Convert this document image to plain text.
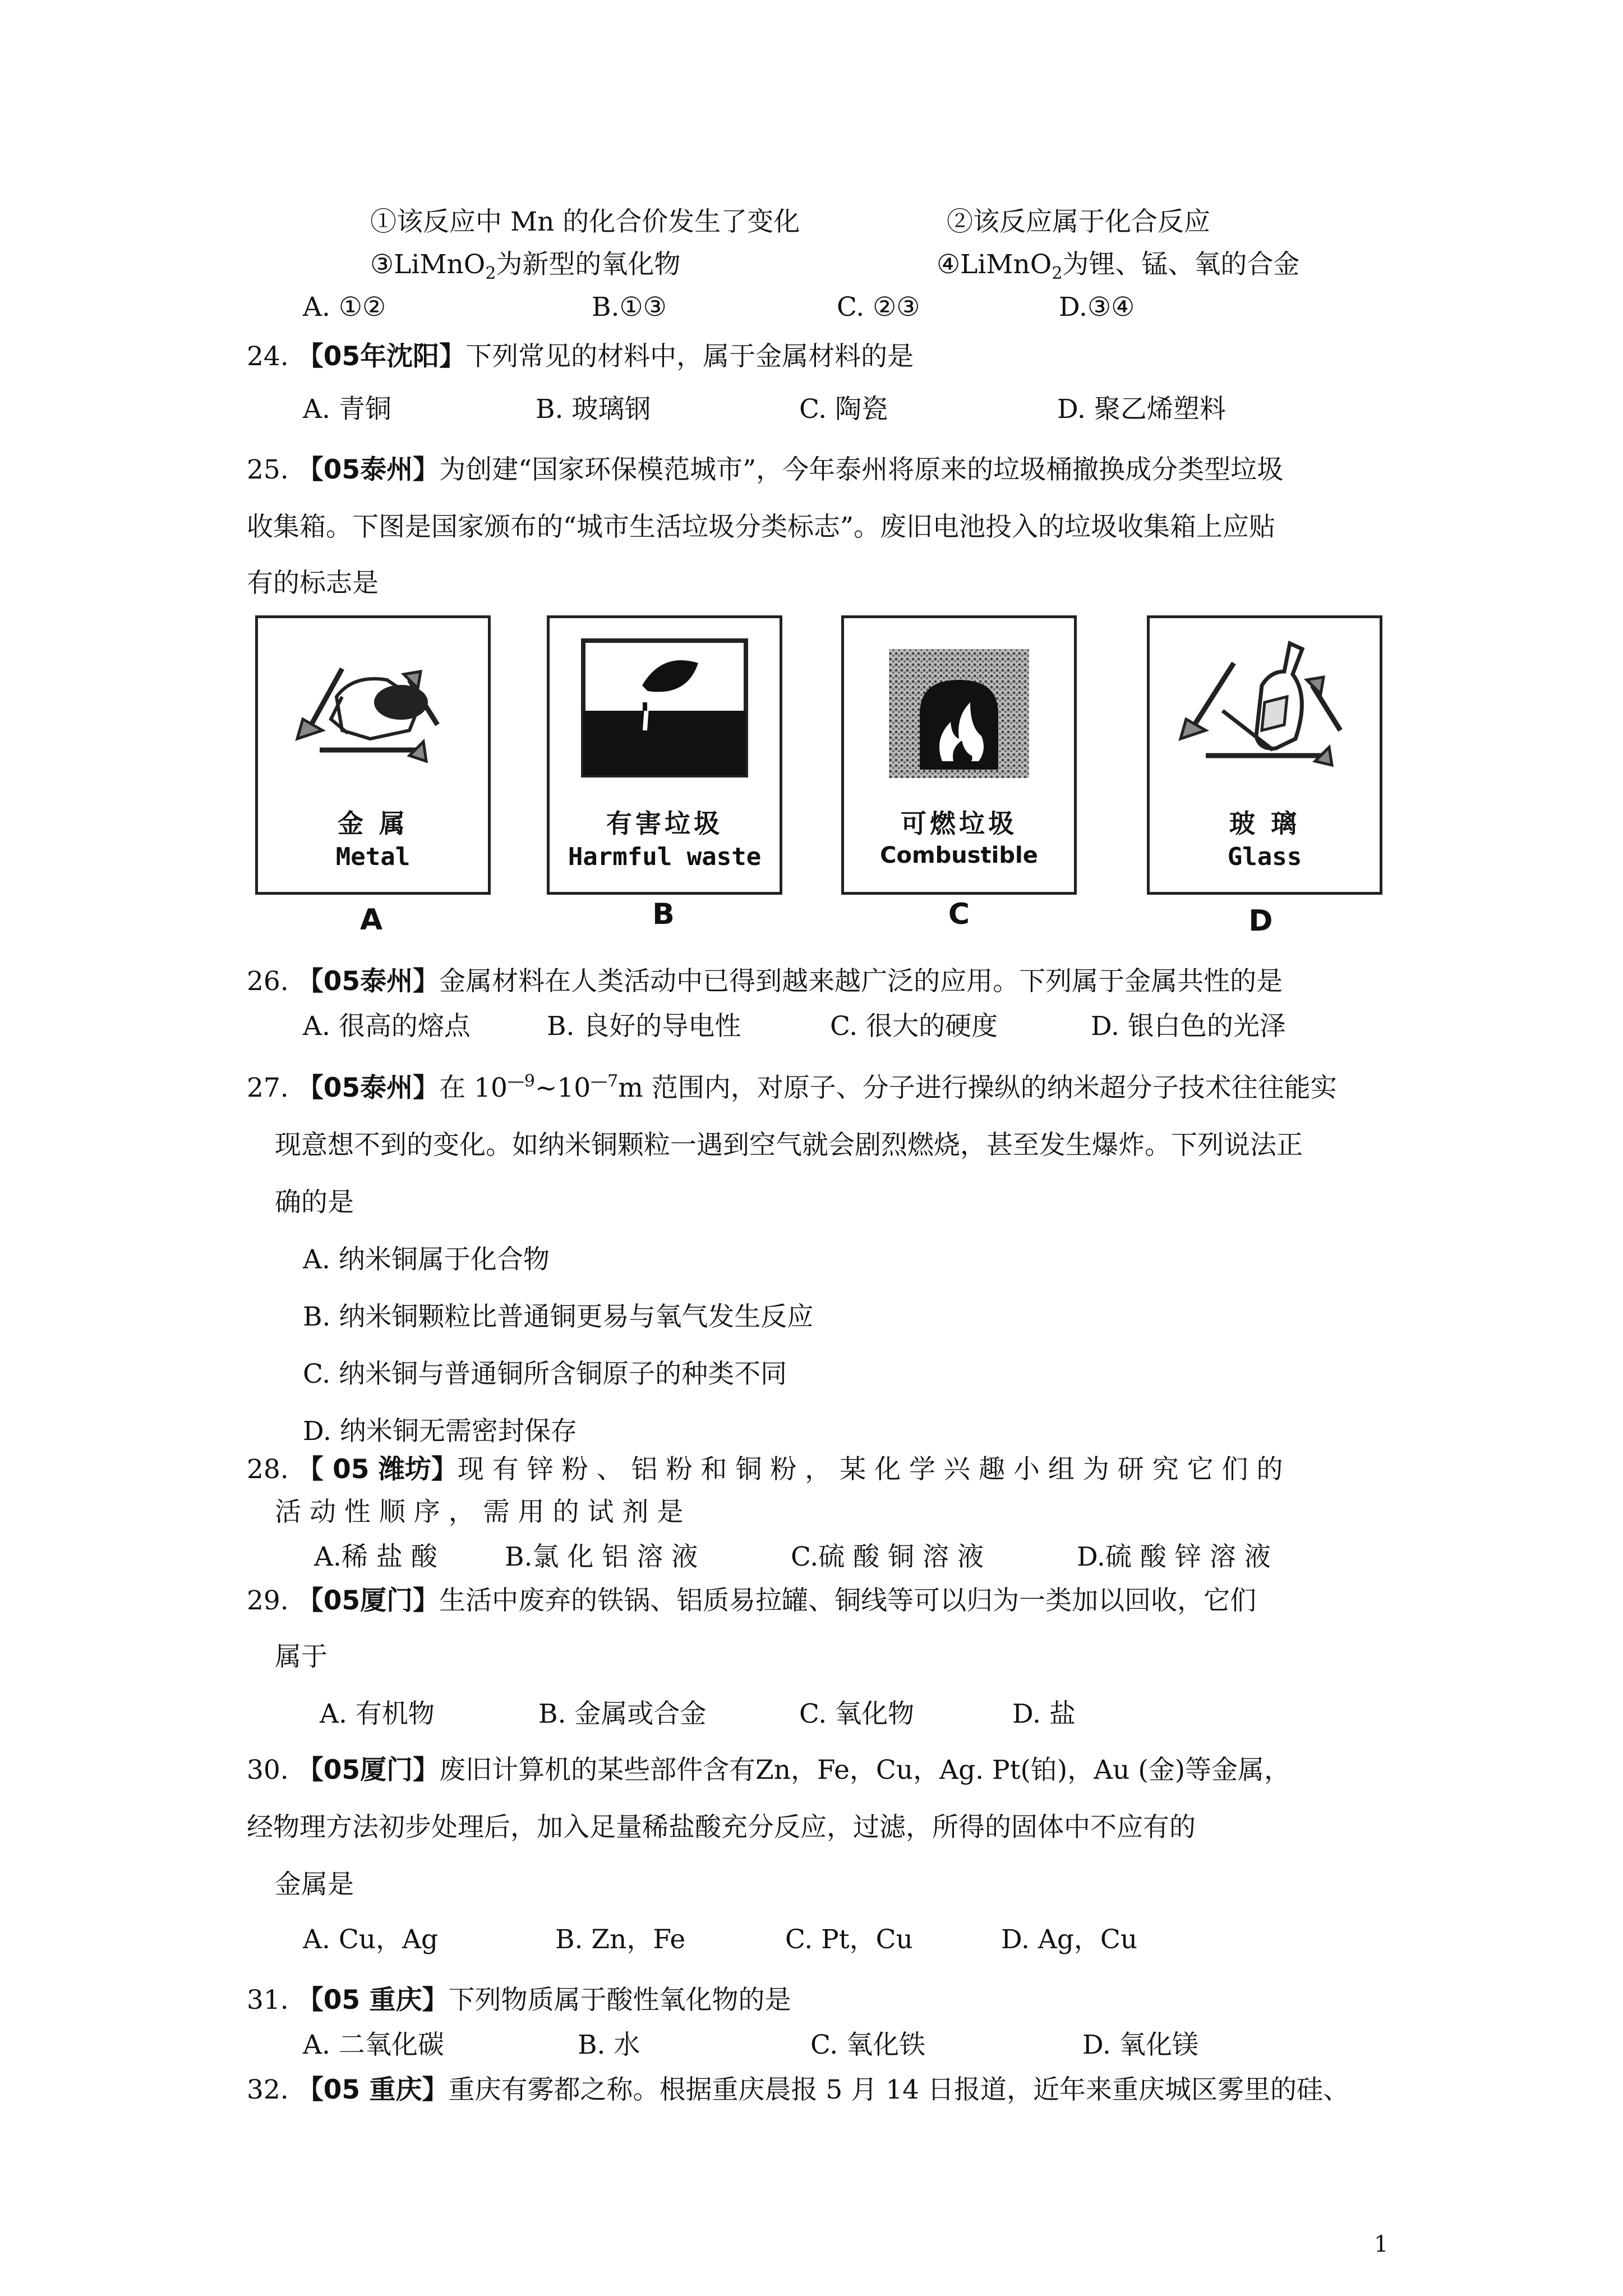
①该反应中 Mn 的化合价发生了变化	②该反应属于化合反应
③LiMnO$_2$为新型的氧化物	④LiMnO$_2$为锂、锰、氧的合金
A. ①②	B.①③	C. ②③	D.③④
24. 【05年沈阳】下列常见的材料中，属于金属材料的是
A. 青铜	B. 玻璃钢	C. 陶瓷	D. 聚乙烯塑料
25. 【05泰州】为创建“国家环保模范城市”，今年泰州将原来的垃圾桶撤换成分类型垃圾
收集箱。下图是国家颁布的“城市生活垃圾分类标志”。废旧电池投入的垃圾收集箱上应贴
有的标志是
金 属
Metal
A
有害垃圾
Harmful waste
B
可燃垃圾
Combustible
C
玻 璃
Glass
D
26. 【05泰州】金属材料在人类活动中已得到越来越广泛的应用。下列属于金属共性的是
A. 很高的熔点	B. 良好的导电性	C. 很大的硬度	D. 银白色的光泽
27. 【05泰州】在 $10^{—9}\sim 10^{—7}m$ 范围内，对原子、分子进行操纵的纳米超分子技术往往能实
现意想不到的变化。如纳米铜颗粒一遇到空气就会剧烈燃烧，甚至发生爆炸。下列说法正
确的是
A. 纳米铜属于化合物
B. 纳米铜颗粒比普通铜更易与氧气发生反应
C. 纳米铜与普通铜所含铜原子的种类不同
D. 纳米铜无需密封保存
28. 【 05 潍坊】现 有 锌 粉 、 铝 粉 和 铜 粉 ， 某 化 学 兴 趣 小 组 为 研 究 它 们 的
活 动 性 顺 序 ， 需 用 的 试 剂 是
A.稀 盐 酸	B.氯 化 铝 溶 液	C.硫 酸 铜 溶 液	D.硫 酸 锌 溶 液
29. 【05厦门】生活中废弃的铁锅、铝质易拉罐、铜线等可以归为一类加以回收，它们
属于
A. 有机物	B. 金属或合金	C. 氧化物	D. 盐
30. 【05厦门】废旧计算机的某些部件含有Zn，Fe，Cu，Ag. Pt(铂)，Au (金)等金属，
经物理方法初步处理后，加入足量稀盐酸充分反应，过滤，所得的固体中不应有的
金属是
A. Cu，Ag	B. Zn，Fe	C. Pt，Cu	D. Ag，Cu
31. 【05 重庆】下列物质属于酸性氧化物的是
A. 二氧化碳	B. 水	C. 氧化铁	D. 氧化镁
32. 【05 重庆】重庆有雾都之称。根据重庆晨报 5 月 14 日报道，近年来重庆城区雾里的硅、
1
